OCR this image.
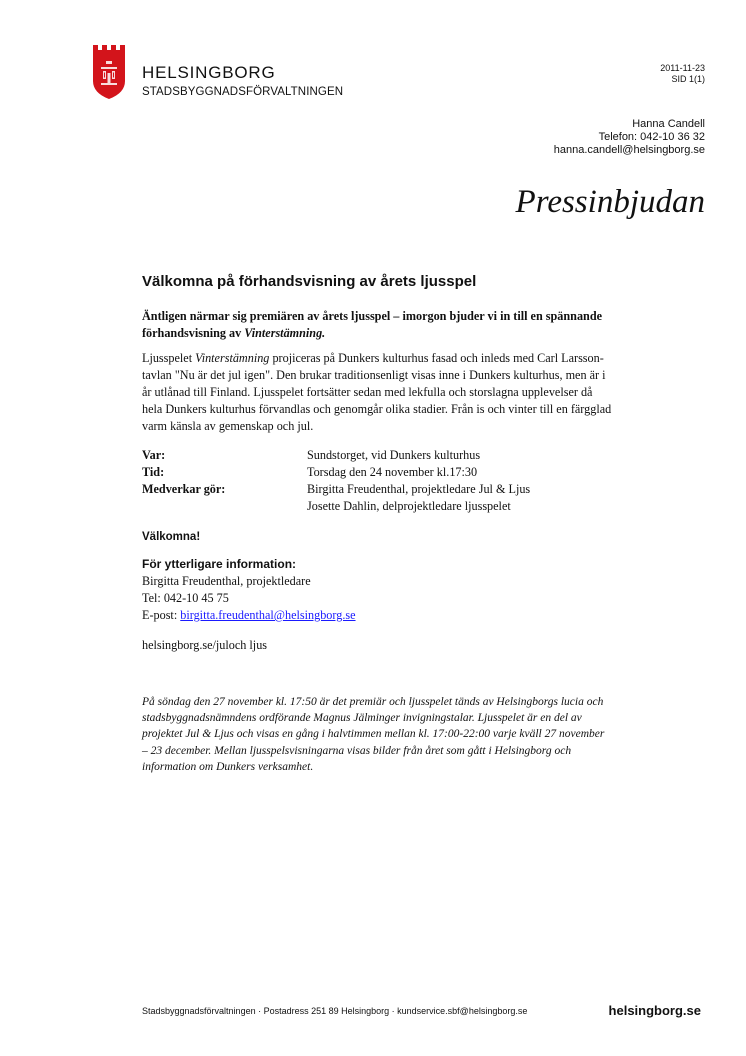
HELSINGBORG
STADSBYGGNADSFÖRVALTNINGEN
2011-11-23
SID 1(1)
Hanna Candell
Telefon: 042-10 36 32
hanna.candell@helsingborg.se
Pressinbjudan
Välkomna på förhandsvisning av årets ljusspel
Äntligen närmar sig premiären av årets ljusspel – imorgon bjuder vi in till en spännande förhandsvisning av Vinterstämning.
Ljusspelet Vinterstämning projiceras på Dunkers kulturhus fasad och inleds med Carl Larsson-tavlan "Nu är det jul igen". Den brukar traditionsenligt visas inne i Dunkers kulturhus, men är i år utlånad till Finland. Ljusspelet fortsätter sedan med lekfulla och storslagna upplevelser då hela Dunkers kulturhus förvandlas och genomgår olika stadier. Från is och vinter till en färgglad varm känsla av gemenskap och jul.
Var:	Sundstorget, vid Dunkers kulturhus
Tid:	Torsdag den 24 november kl.17:30
Medverkar gör:	Birgitta Freudenthal, projektledare Jul & Ljus
Josette Dahlin, delprojektledare ljusspelet
Välkomna!
För ytterligare information:
Birgitta Freudenthal, projektledare
Tel: 042-10 45 75
E-post: birgitta.freudenthal@helsingborg.se
helsingborg.se/juloch ljus
På söndag den 27 november kl. 17:50 är det premiär och ljusspelet tänds av Helsingborgs lucia och stadsbyggnadsnämndens ordförande Magnus Jälminger invigningstalar. Ljusspelet är en del av projektet Jul & Ljus och visas en gång i halvtimmen mellan kl. 17:00-22:00 varje kväll 27 november – 23 december. Mellan ljusspelsvisningarna visas bilder från året som gått i Helsingborg och information om Dunkers verksamhet.
Stadsbyggnadsförvaltningen · Postadress 251 89 Helsingborg · kundservice.sbf@helsingborg.se	helsingborg.se
